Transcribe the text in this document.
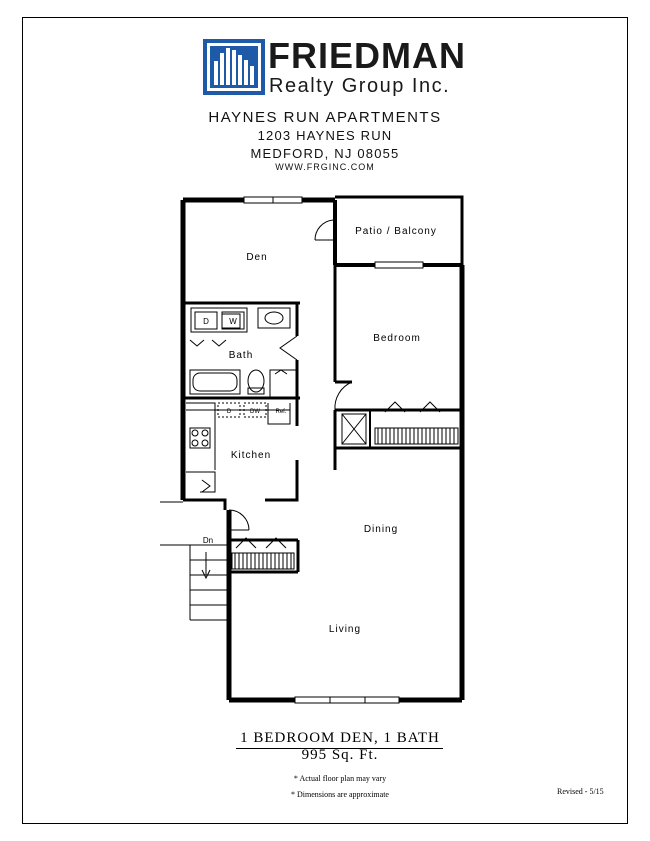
FRIEDMAN
Realty Group Inc.
HAYNES RUN APARTMENTS
1203 HAYNES RUN
MEDFORD, NJ 08055
WWW.FRGINC.COM
Den
Patio / Balcony
Bedroom
Bath
Kitchen
Dining
Living
Dn
D	W
D	DW	Ref.
1 BEDROOM DEN, 1 BATH
995 Sq. Ft.
* Actual floor plan may vary
* Dimensions are approximate	Revised - 5/15
